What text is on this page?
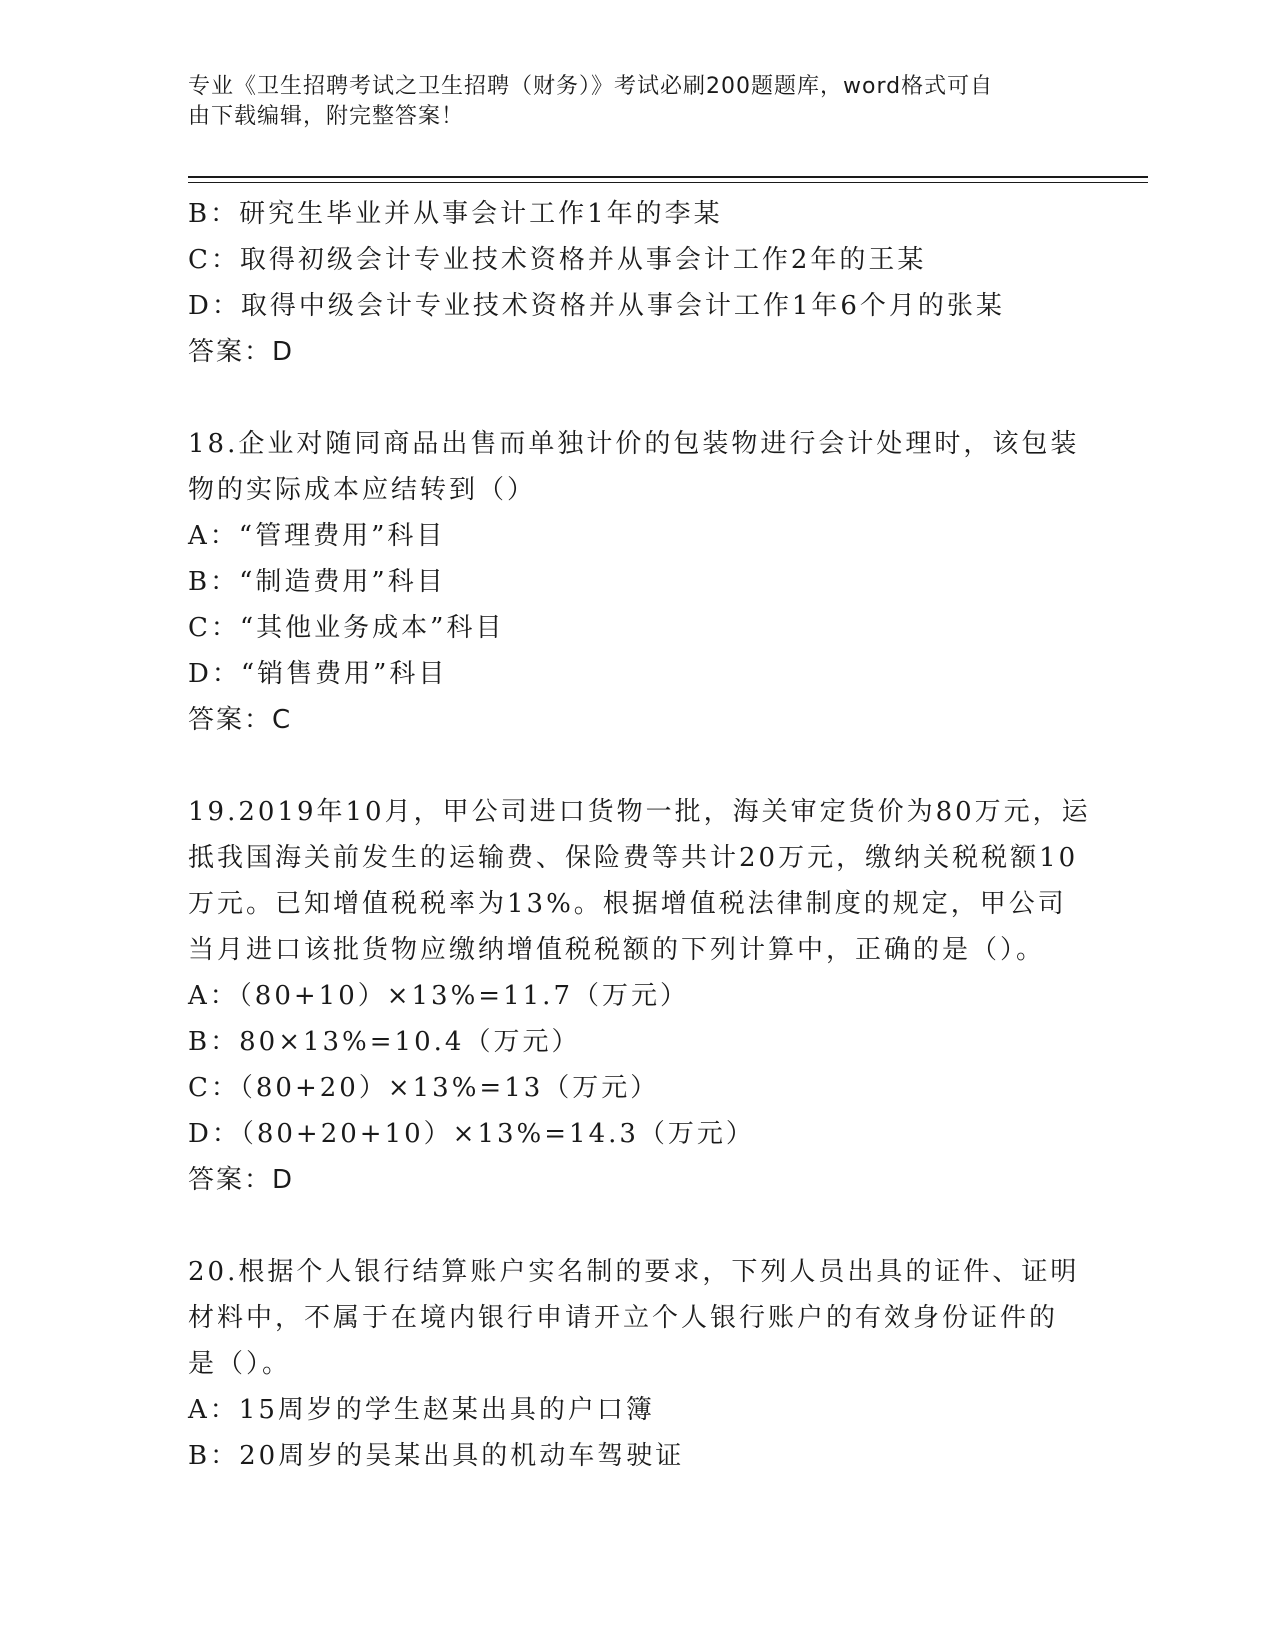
专业《卫生招聘考试之卫生招聘（财务）》考试必刷200题题库，word格式可自
由下载编辑，附完整答案！

B：研究生毕业并从事会计工作1年的李某

C：取得初级会计专业技术资格并从事会计工作2年的王某

D：取得中级会计专业技术资格并从事会计工作1年6个月的张某

答案：D

18.企业对随同商品出售而单独计价的包装物进行会计处理时，该包装

物的实际成本应结转到（）

A：“管理费用”科目

B：“制造费用”科目

C：“其他业务成本”科目

D：“销售费用”科目

答案：C

19.2019年10月，甲公司进口货物一批，海关审定货价为80万元，运

抵我国海关前发生的运输费、保险费等共计20万元，缴纳关税税额10

万元。已知增值税税率为13%。根据增值税法律制度的规定，甲公司

当月进口该批货物应缴纳增值税税额的下列计算中，正确的是（）。

A：（80+10）×13%=11.7（万元）

B：80×13%=10.4（万元）

C：（80+20）×13%=13（万元）

D：（80+20+10）×13%=14.3（万元）

答案：D

20.根据个人银行结算账户实名制的要求，下列人员出具的证件、证明

材料中，不属于在境内银行申请开立个人银行账户的有效身份证件的

是（）。

A：15周岁的学生赵某出具的户口簿

B：20周岁的吴某出具的机动车驾驶证
